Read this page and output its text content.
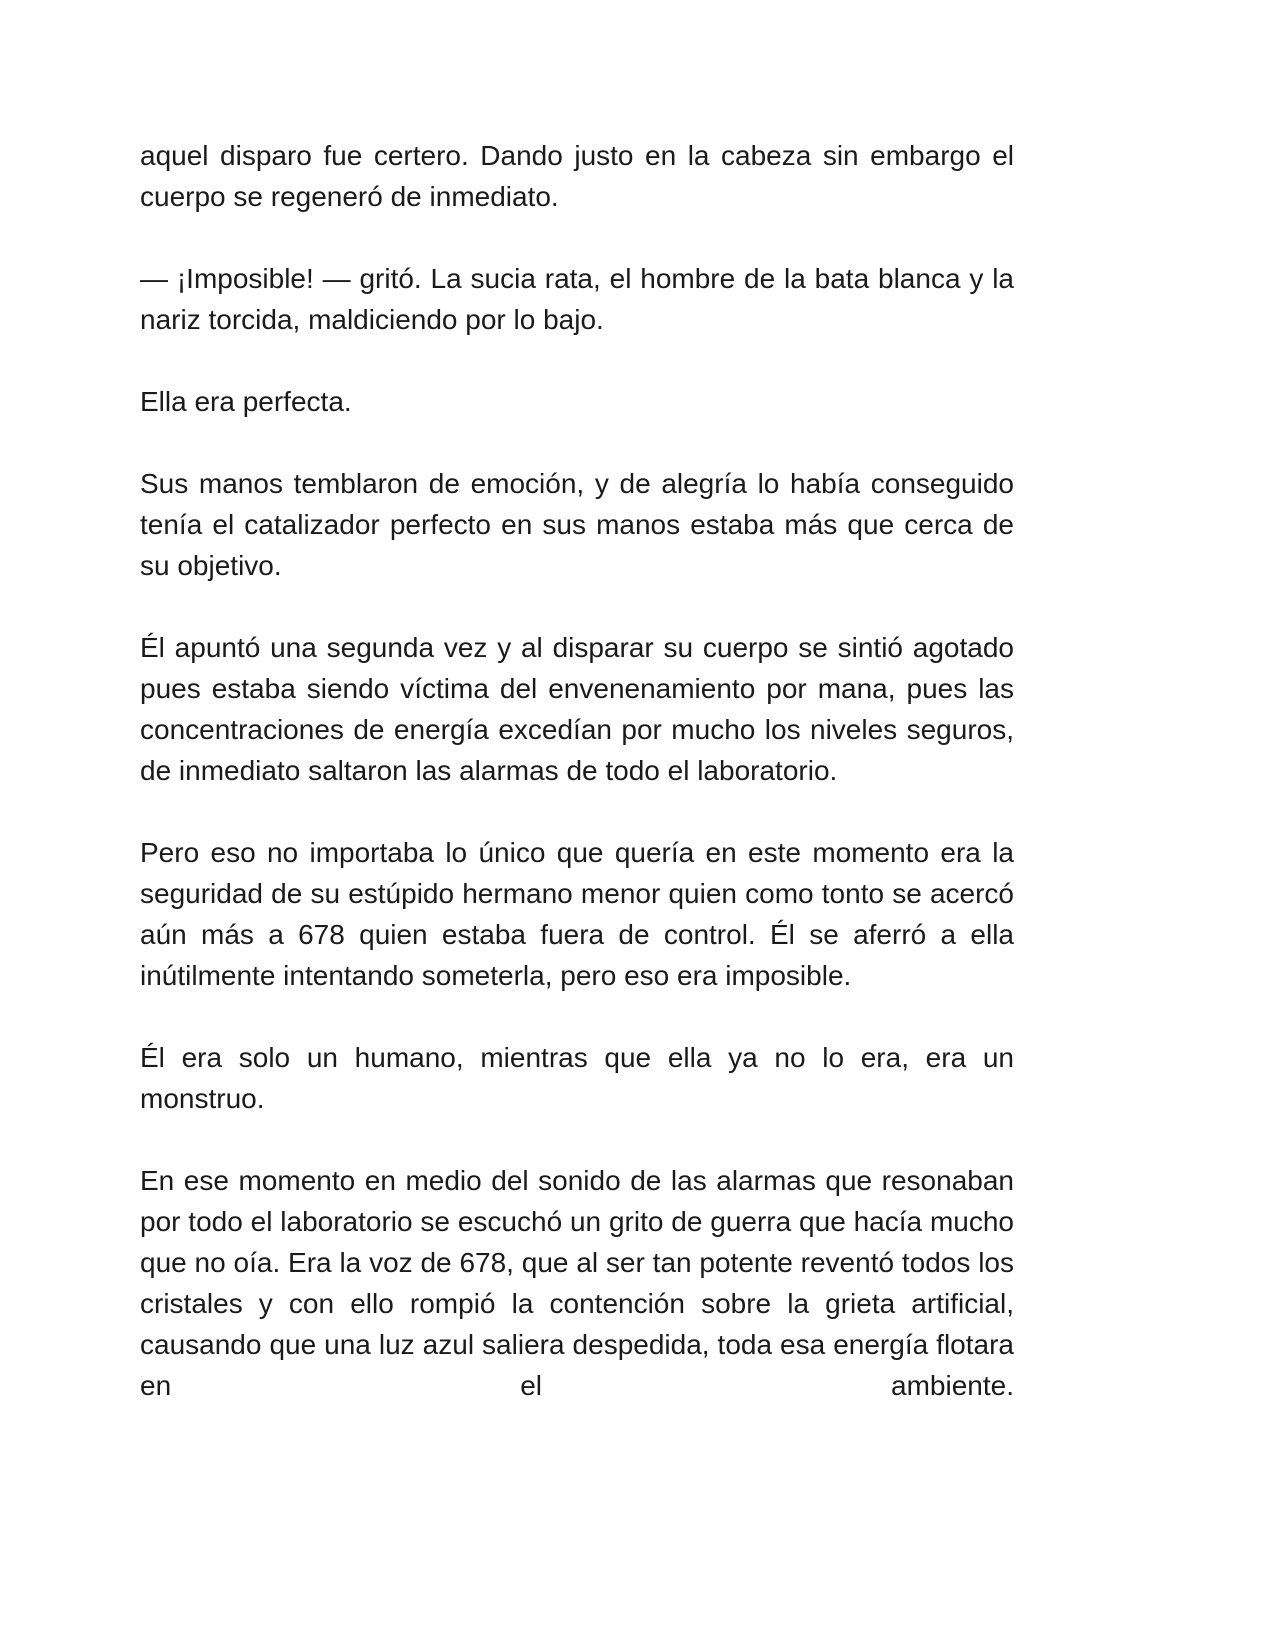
aquel disparo fue certero. Dando justo en la cabeza sin embargo el cuerpo se regeneró de inmediato.

— ¡Imposible! — gritó. La sucia rata, el hombre de la bata blanca y la nariz torcida, maldiciendo por lo bajo.

Ella era perfecta.

Sus manos temblaron de emoción, y de alegría lo había conseguido tenía el catalizador perfecto en sus manos estaba más que cerca de su objetivo.

Él apuntó una segunda vez y al disparar su cuerpo se sintió agotado pues estaba siendo víctima del envenenamiento por mana, pues las concentraciones de energía excedían por mucho los niveles seguros, de inmediato saltaron las alarmas de todo el laboratorio.

Pero eso no importaba lo único que quería en este momento era la seguridad de su estúpido hermano menor quien como tonto se acercó aún más a 678 quien estaba fuera de control. Él se aferró a ella inútilmente intentando someterla, pero eso era imposible.

Él era solo un humano, mientras que ella ya no lo era, era un monstruo.

En ese momento en medio del sonido de las alarmas que resonaban por todo el laboratorio se escuchó un grito de guerra que hacía mucho que no oía. Era la voz de 678, que al ser tan potente reventó todos los cristales y con ello rompió la contención sobre la grieta artificial, causando que una luz azul saliera despedida, toda esa energía flotara en el ambiente.
